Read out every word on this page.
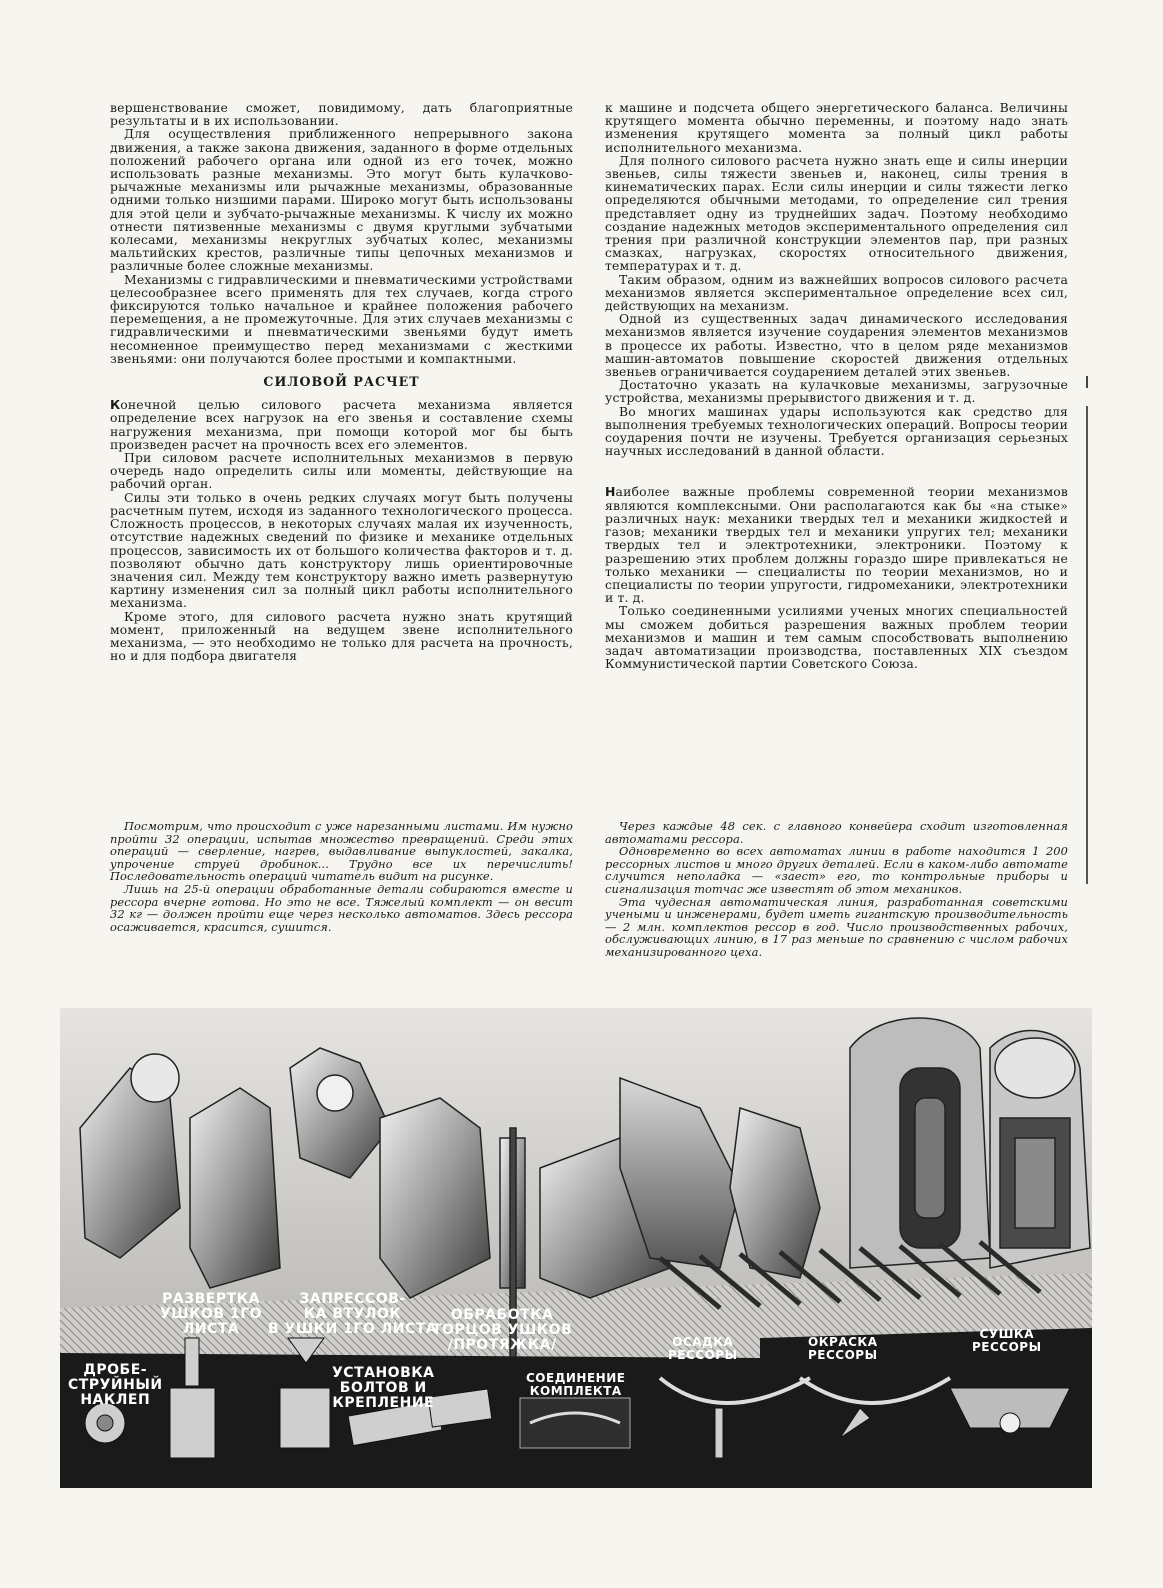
вершенствование сможет, повидимому, дать благоприятные результаты и в их использовании.

Для осуществления приближенного непрерывного закона движения, а также закона движения, заданного в форме отдельных положений рабочего органа или одной из его точек, можно использовать разные механизмы. Это могут быть кулачково-рычажные механизмы или рычажные механизмы, образованные одними только низшими парами. Широко могут быть использованы для этой цели и зубчато-рычажные механизмы. К числу их можно отнести пятизвенные механизмы с двумя круглыми зубчатыми колесами, механизмы некруглых зубчатых колес, механизмы мальтийских крестов, различные типы цепочных механизмов и различные более сложные механизмы.

Механизмы с гидравлическими и пневматическими устройствами целесообразнее всего применять для тех случаев, когда строго фиксируются только начальное и крайнее положения рабочего перемещения, а не промежуточные. Для этих случаев механизмы с гидравлическими и пневматическими звеньями будут иметь несомненное преимущество перед механизмами с жесткими звеньями: они получаются более простыми и компактными.

СИЛОВОЙ РАСЧЕТ

Конечной целью силового расчета механизма является определение всех нагрузок на его звенья и составление схемы нагружения механизма, при помощи которой мог бы быть произведен расчет на прочность всех его элементов.

При силовом расчете исполнительных механизмов в первую очередь надо определить силы или моменты, действующие на рабочий орган.

Силы эти только в очень редких случаях могут быть получены расчетным путем, исходя из заданного технологического процесса. Сложность процессов, в некоторых случаях малая их изученность, отсутствие надежных сведений по физике и механике отдельных процессов, зависимость их от большого количества факторов и т. д. позволяют обычно дать конструктору лишь ориентировочные значения сил. Между тем конструктору важно иметь развернутую картину изменения сил за полный цикл работы исполнительного механизма.

Кроме этого, для силового расчета нужно знать крутящий момент, приложенный на ведущем звене исполнительного механизма, — это необходимо не только для расчета на прочность, но и для подбора двигателя

к машине и подсчета общего энергетического баланса. Величины крутящего момента обычно переменны, и поэтому надо знать изменения крутящего момента за полный цикл работы исполнительного механизма.

Для полного силового расчета нужно знать еще и силы инерции звеньев, силы тяжести звеньев и, наконец, силы трения в кинематических парах. Если силы инерции и силы тяжести легко определяются обычными методами, то определение сил трения представляет одну из труднейших задач. Поэтому необходимо создание надежных методов экспериментального определения сил трения при различной конструкции элементов пар, при разных смазках, нагрузках, скоростях относительного движения, температурах и т. д.

Таким образом, одним из важнейших вопросов силового расчета механизмов является экспериментальное определение всех сил, действующих на механизм.

Одной из существенных задач динамического исследования механизмов является изучение соударения элементов механизмов в процессе их работы. Известно, что в целом ряде механизмов машин-автоматов повышение скоростей движения отдельных звеньев ограничивается соударением деталей этих звеньев.

Достаточно указать на кулачковые механизмы, загрузочные устройства, механизмы прерывистого движения и т. д.

Во многих машинах удары используются как средство для выполнения требуемых технологических операций. Вопросы теории соударения почти не изучены. Требуется организация серьезных научных исследований в данной области.

Наиболее важные проблемы современной теории механизмов являются комплексными. Они располагаются как бы «на стыке» различных наук: механики твердых тел и механики жидкостей и газов; механики твердых тел и механики упругих тел; механики твердых тел и электротехники, электроники. Поэтому к разрешению этих проблем должны гораздо шире привлекаться не только механики — специалисты по теории механизмов, но и специалисты по теории упругости, гидромеханики, электротехники и т. д.

Только соединенными усилиями ученых многих специальностей мы сможем добиться разрешения важных проблем теории механизмов и машин и тем самым способствовать выполнению задач автоматизации производства, поставленных XIX съездом Коммунистической партии Советского Союза.

Посмотрим, что происходит с уже нарезанными листами. Им нужно пройти 32 операции, испытав множество превращений. Среди этих операций — сверление, нагрев, выдавливание выпуклостей, закалка, упрочение струей дробинок... Трудно все их перечислить! Последовательность операций читатель видит на рисунке.

Лишь на 25-й операции обработанные детали собираются вместе и рессора вчерне готова. Но это не все. Тяжелый комплект — он весит 32 кг — должен пройти еще через несколько автоматов. Здесь рессора осаживается, красится, сушится.

Через каждые 48 сек. с главного конвейера сходит изготовленная автоматами рессора.

Одновременно во всех автоматах линии в работе находится 1 200 рессорных листов и много других деталей. Если в каком-либо автомате случится неполадка — «заест» его, то контрольные приборы и сигнализация тотчас же известят об этом механиков.

Эта чудесная автоматическая линия, разработанная советскими учеными и инженерами, будет иметь гигантскую производительность — 2 млн. комплектов рессор в год. Число производственных рабочих, обслуживающих линию, в 17 раз меньше по сравнению с числом рабочих механизированного цеха.

ДРОБЕ-
СТРУЙНЫЙ
НАКЛЕП
РАЗВЕРТКА
УШКОВ 1ГО
ЛИСТА
ЗАПРЕССОВ-
КА ВТУЛОК
В УШКИ 1ГО ЛИСТА
УСТАНОВКА
БОЛТОВ И
КРЕПЛЕНИЕ
ОБРАБОТКА
ТОРЦОВ УШКОВ
/ПРОТЯЖКА/
СОЕДИНЕНИЕ
КОМПЛЕКТА
ОСАДКА
РЕССОРЫ
ОКРАСКА
РЕССОРЫ
СУШКА
РЕССОРЫ
